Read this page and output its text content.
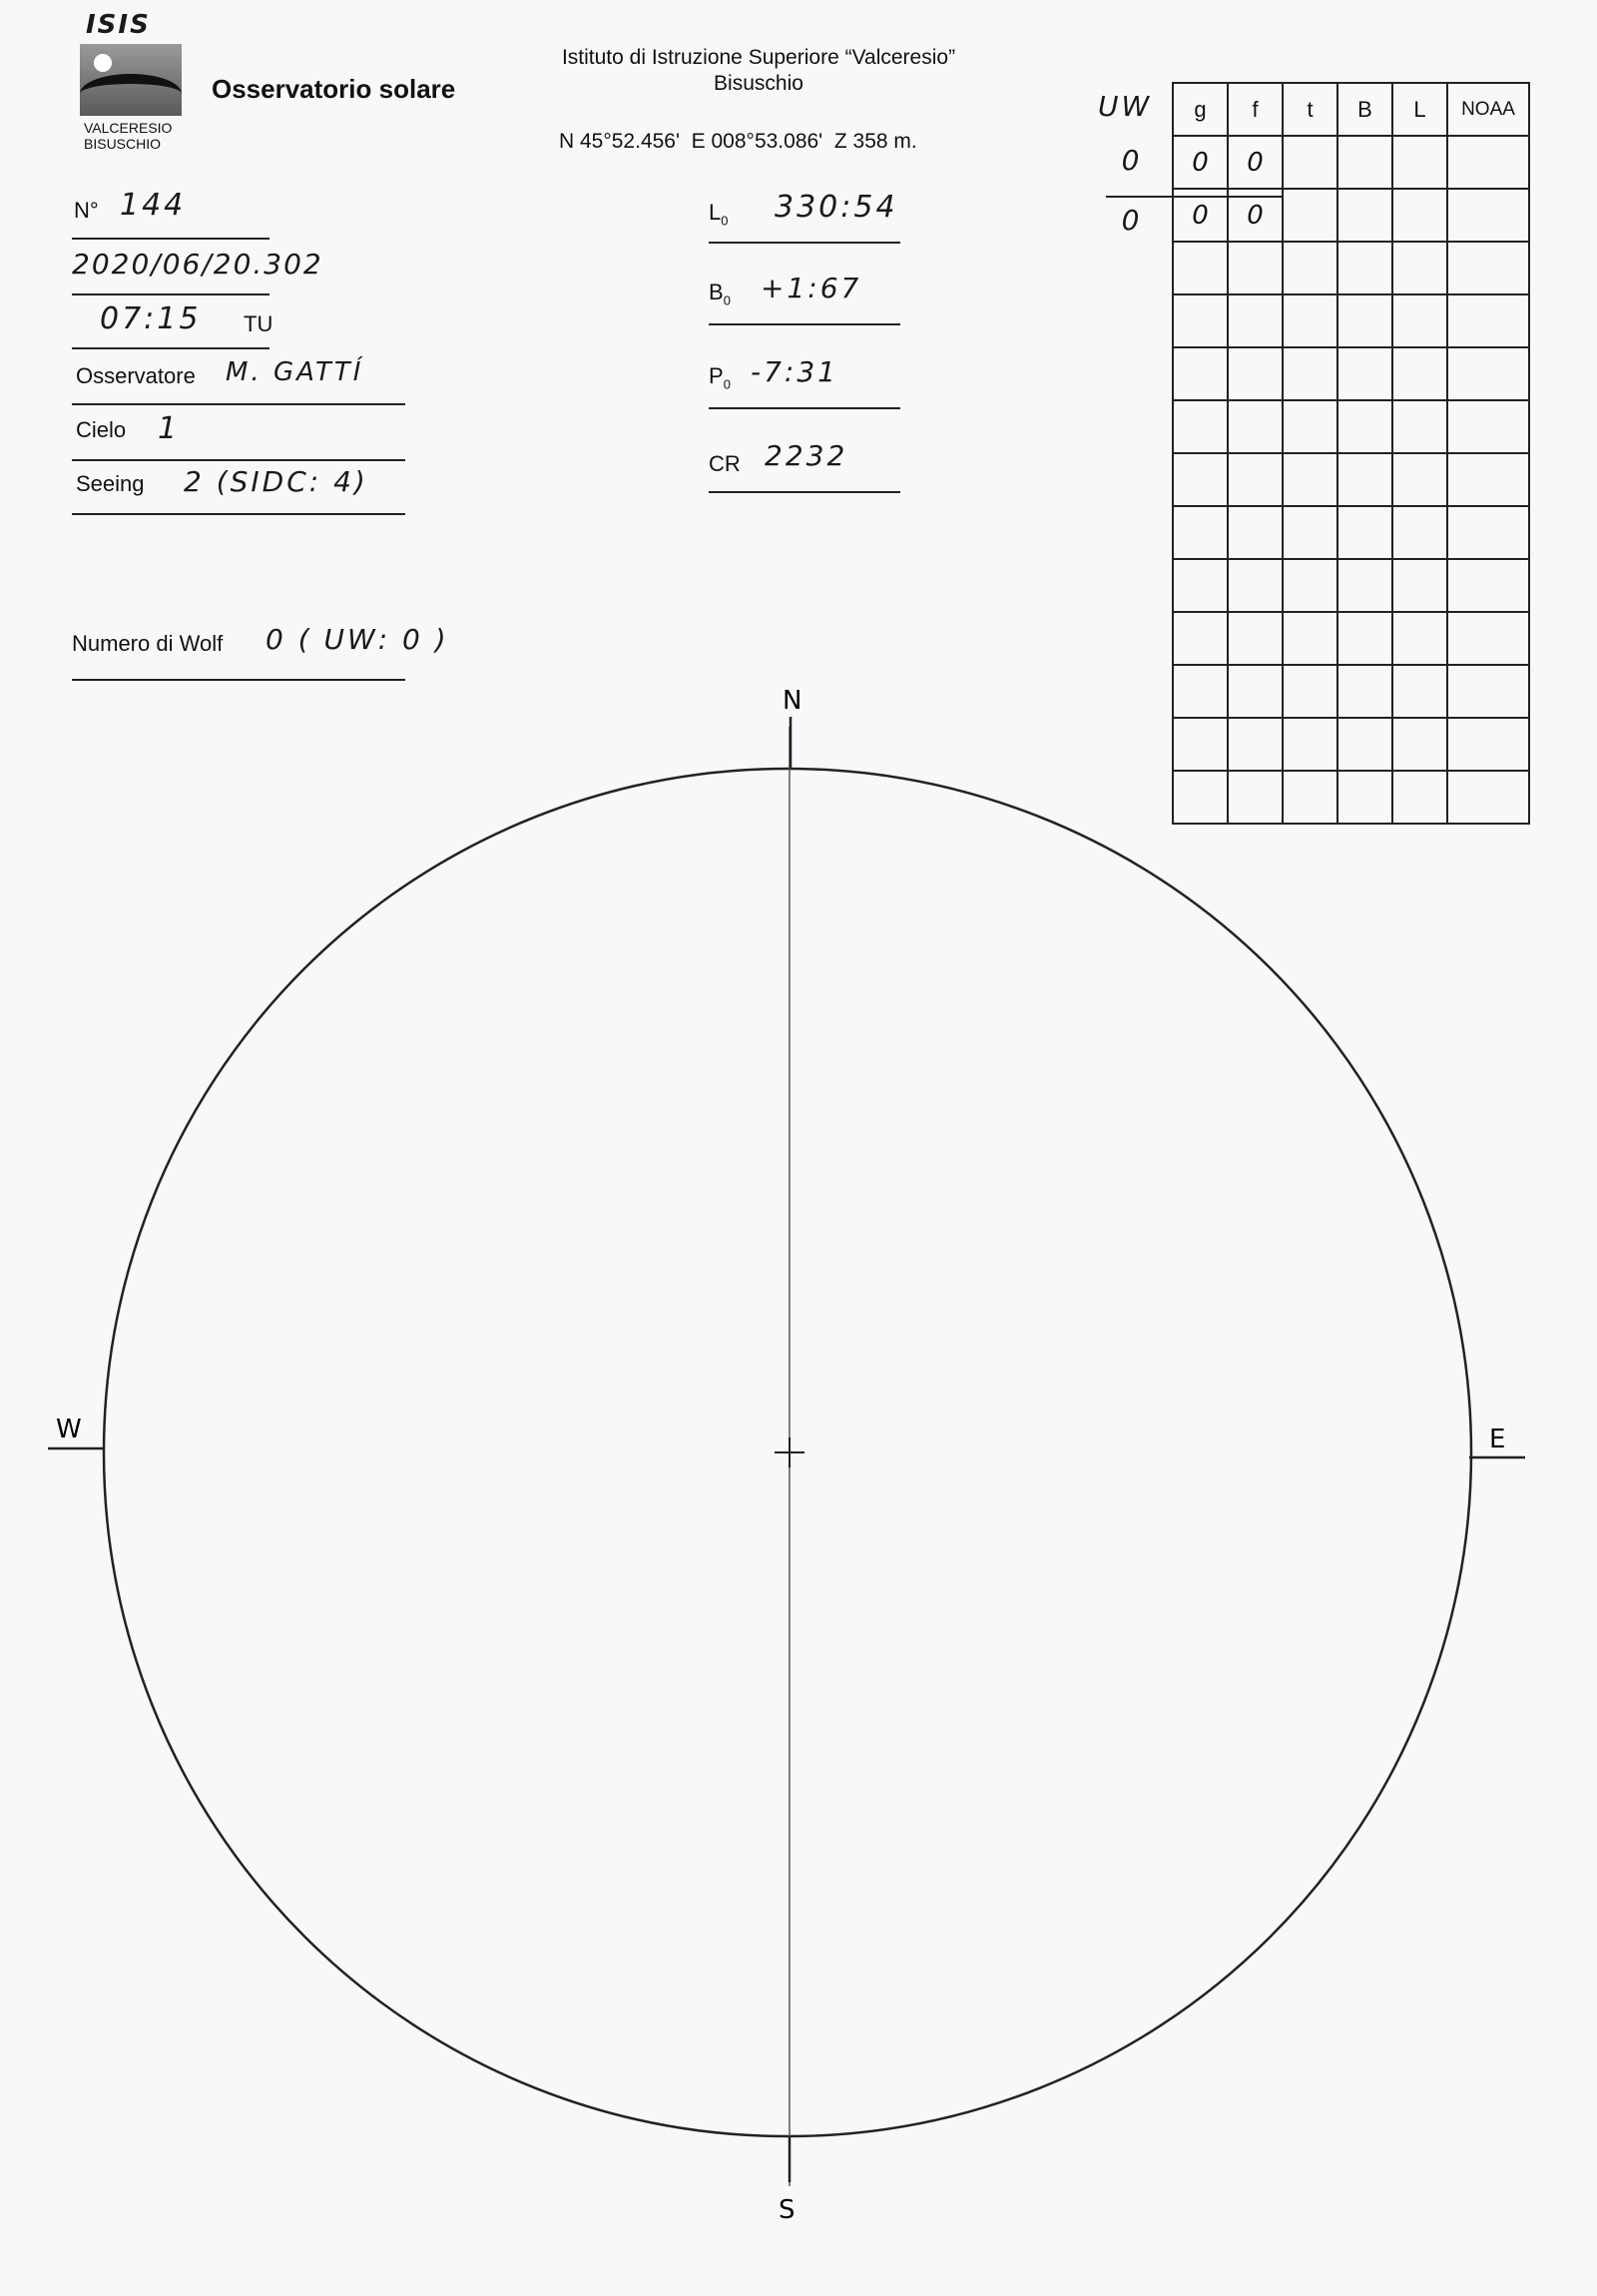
ISIS
VALCERESIO
BISUSCHIO
Osservatorio solare
Istituto di Istruzione Superiore “Valceresio”
Bisuschio
N 45°52.456'  E 008°53.086'  Z 358 m.
N° 144
2020/06/20.302
07:15 TU
Osservatore M. GATTÍ
Cielo 1
Seeing 2 (SIDC: 4)
Numero di Wolf 0 ( UW: 0 )
$L_0$ 330:54
$B_0$ +1:67
$P_0$ -7:31
CR 2232
UW
0
0
g	f	t	B	L	NOAA
0	0				
0	0				

N
S
W	E
